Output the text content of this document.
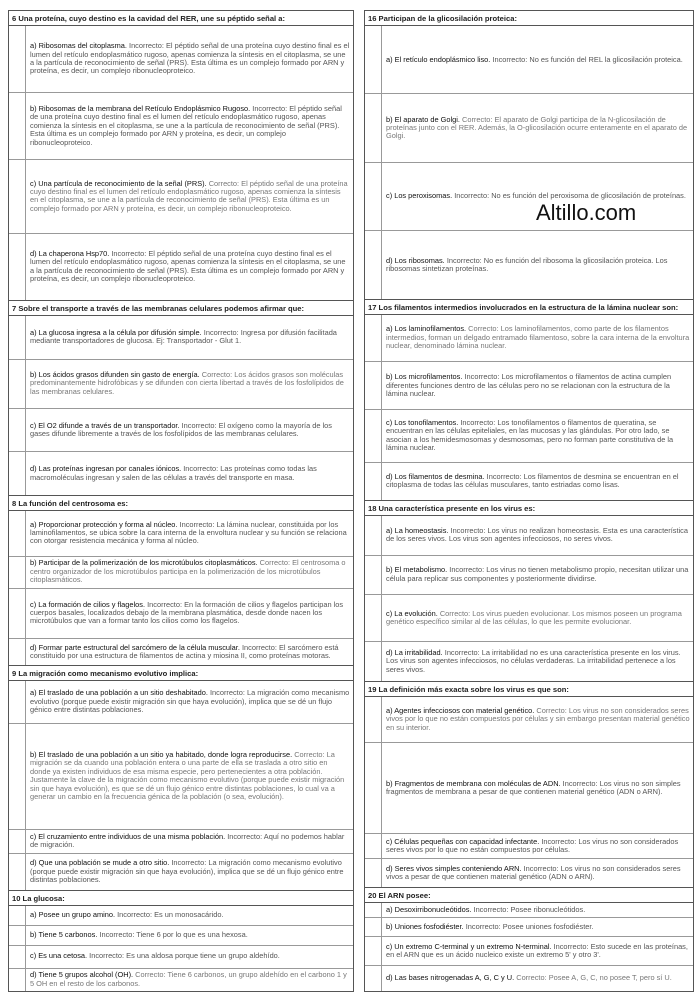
6 Una proteína, cuyo destino es la cavidad del RER, une su péptido señal a:
a) Ribosomas del citoplasma. Incorrecto: El péptido señal de una proteína cuyo destino final es el lumen del retículo endoplasmático rugoso, apenas comienza la síntesis en el citoplasma, se une a la partícula de reconocimiento de señal (PRS). Esta última es un complejo formado por ARN y proteína, es decir, un complejo ribonucleoproteico.
b) Ribosomas de la membrana del Retículo Endoplásmico Rugoso. Incorrecto: El péptido señal de una proteína cuyo destino final es el lumen del retículo endoplasmático rugoso, apenas comienza la síntesis en el citoplasma, se une a la partícula de reconocimiento de señal (PRS). Esta última es un complejo formado por ARN y proteína, es decir, un complejo ribonucleoproteico.
c) Una partícula de reconocimiento de la señal (PRS). Correcto: El péptido señal de una proteína cuyo destino final es el lumen del retículo endoplasmático rugoso, apenas comienza la síntesis en el citoplasma, se une a la partícula de reconocimiento de señal (PRS). Esta última es un complejo formado por ARN y proteína, es decir, un complejo ribonucleoproteico.
d) La chaperona Hsp70. Incorrecto: El péptido señal de una proteína cuyo destino final es el lumen del retículo endoplasmático rugoso, apenas comienza la síntesis en el citoplasma, se une a la partícula de reconocimiento de señal (PRS). Esta última es un complejo formado por ARN y proteína, es decir, un complejo ribonucleoproteico.
7 Sobre el transporte a través de las membranas celulares podemos afirmar que:
a) La glucosa ingresa a la célula por difusión simple. Incorrecto: Ingresa por difusión facilitada mediante transportadores de glucosa. Ej: Transportador - Glut 1.
b) Los ácidos grasos difunden sin gasto de energía. Correcto: Los ácidos grasos son moléculas predominantemente hidrofóbicas y se difunden con cierta libertad a través de los fosfolípidos de las membranas celulares.
c) El O2 difunde a través de un transportador. Incorrecto: El oxígeno como la mayoría de los gases difunde libremente a través de los fosfolípidos de las membranas celulares.
d) Las proteínas ingresan por canales iónicos. Incorrecto: Las proteínas como todas las macromoléculas ingresan y salen de las células a través del transporte en masa.
8 La función del centrosoma es:
a) Proporcionar protección y forma al núcleo. Incorrecto: La lámina nuclear, constituida por los laminofilamentos, se ubica sobre la cara interna de la envoltura nuclear y su función se relaciona con otorgar resistencia mecánica y forma al núcleo.
b) Participar de la polimerización de los microtúbulos citoplasmáticos. Correcto: El centrosoma o centro organizador de los microtúbulos participa en la polimerización de los microtúbulos citoplasmáticos.
c) La formación de cilios y flagelos. Incorrecto: En la formación de cilios y flagelos participan los cuerpos basales, localizados debajo de la membrana plasmática, desde donde nacen los microtúbulos que van a formar tanto los cilios como los flagelos.
d) Formar parte estructural del sarcómero de la célula muscular. Incorrecto: El sarcómero está constituido por una estructura de filamentos de actina y miosina II, como proteínas motoras.
9 La migración como mecanismo evolutivo implica:
a) El traslado de una población a un sitio deshabitado. Incorrecto: La migración como mecanismo evolutivo (porque puede existir migración sin que haya evolución), implica que se dé un flujo génico entre distintas poblaciones.
b) El traslado de una población a un sitio ya habitado, donde logra reproducirse. Correcto: La migración se da cuando una población entera o una parte de ella se traslada a otro sitio en donde ya existen individuos de esa misma especie, pero pertenecientes a otra población. Justamente la clave de la migración como mecanismo evolutivo (porque puede existir migración sin que haya evolución), es que se dé un flujo génico entre distintas poblaciones, lo cual va a generar un cambio en la frecuencia génica de la población (o sea, evolución).
c) El cruzamiento entre individuos de una misma población. Incorrecto: Aquí no podemos hablar de migración.
d) Que una población se mude a otro sitio. Incorrecto: La migración como mecanismo evolutivo (porque puede existir migración sin que haya evolución), implica que se dé un flujo génico entre distintas poblaciones.
10 La glucosa:
a) Posee un grupo amino. Incorrecto: Es un monosacárido.
b) Tiene 5 carbonos. Incorrecto: Tiene 6 por lo que es una hexosa.
c) Es una cetosa. Incorrecto: Es una aldosa porque tiene un grupo aldehído.
d) Tiene 5 grupos alcohol (OH). Correcto: Tiene 6 carbonos, un grupo aldehído en el carbono 1 y 5 OH en el resto de los carbonos.
16 Participan de la glicosilación proteica:
a) El retículo endoplásmico liso. Incorrecto: No es función del REL la glicosilación proteica.
b) El aparato de Golgi. Correcto: El aparato de Golgi participa de la N-glicosilación de proteínas junto con el RER. Además, la O-glicosilación ocurre enteramente en el aparato de Golgi.
c) Los peroxisomas. Incorrecto: No es función del peroxisoma de glicosilación de proteínas.
d) Los ribosomas. Incorrecto: No es función del ribosoma la glicosilación proteica. Los ribosomas sintetizan proteínas.
17 Los filamentos intermedios involucrados en la estructura de la lámina nuclear son:
a) Los laminofilamentos. Correcto: Los laminofilamentos, como parte de los filamentos intermedios, forman un delgado entramado filamentoso, sobre la cara interna de la envoltura nuclear, denominado lámina nuclear.
b) Los microfilamentos. Incorrecto: Los microfilamentos o filamentos de actina cumplen diferentes funciones dentro de las células pero no se relacionan con la estructura de la lámina nuclear.
c) Los tonofilamentos. Incorrecto: Los tonofilamentos o filamentos de queratina, se encuentran en las células epiteliales, en las mucosas y las glándulas. Por otro lado, se asocian a los hemidesmosomas y desmosomas, pero no forman parte constitutiva de la lámina nuclear.
d) Los filamentos de desmina. Incorrecto: Los filamentos de desmina se encuentran en el citoplasma de todas las células musculares, tanto estriadas como lisas.
18 Una característica presente en los virus es:
a) La homeostasis. Incorrecto: Los virus no realizan homeostasis. Esta es una característica de los seres vivos. Los virus son agentes infecciosos, no seres vivos.
b) El metabolismo. Incorrecto: Los virus no tienen metabolismo propio, necesitan utilizar una célula para replicar sus componentes y posteriormente dividirse.
c) La evolución. Correcto: Los virus pueden evolucionar. Los mismos poseen un programa genético específico similar al de las células, lo que les permite evolucionar.
d) La irritabilidad. Incorrecto: La irritabilidad no es una característica presente en los virus. Los virus son agentes infecciosos, no células verdaderas. La irritabilidad pertenece a los seres vivos.
19 La definición más exacta sobre los virus es que son:
a) Agentes infecciosos con material genético. Correcto: Los virus no son considerados seres vivos por lo que no están compuestos por células y sin embargo presentan material genético en su interior.
b) Fragmentos de membrana con moléculas de ADN. Incorrecto: Los virus no son simples fragmentos de membrana a pesar de que contienen material genético (ADN o ARN).
c) Células pequeñas con capacidad infectante. Incorrecto: Los virus no son considerados seres vivos por lo que no están compuestos por células.
d) Seres vivos simples conteniendo ARN. Incorrecto: Los virus no son considerados seres vivos a pesar de que contienen material genético (ADN o ARN).
20 El ARN posee:
a) Desoxirribonucleótidos. Incorrecto: Posee ribonucleótidos.
b) Uniones fosfodiéster. Incorrecto: Posee uniones fosfodiéster.
c) Un extremo C-terminal y un extremo N-terminal. Incorrecto: Esto sucede en las proteínas, en el ARN que es un ácido nucleico existe un extremo 5' y otro 3'.
d) Las bases nitrogenadas A, G, C y U. Correcto: Posee A, G, C, no posee T, pero sí U.
Altillo.com
